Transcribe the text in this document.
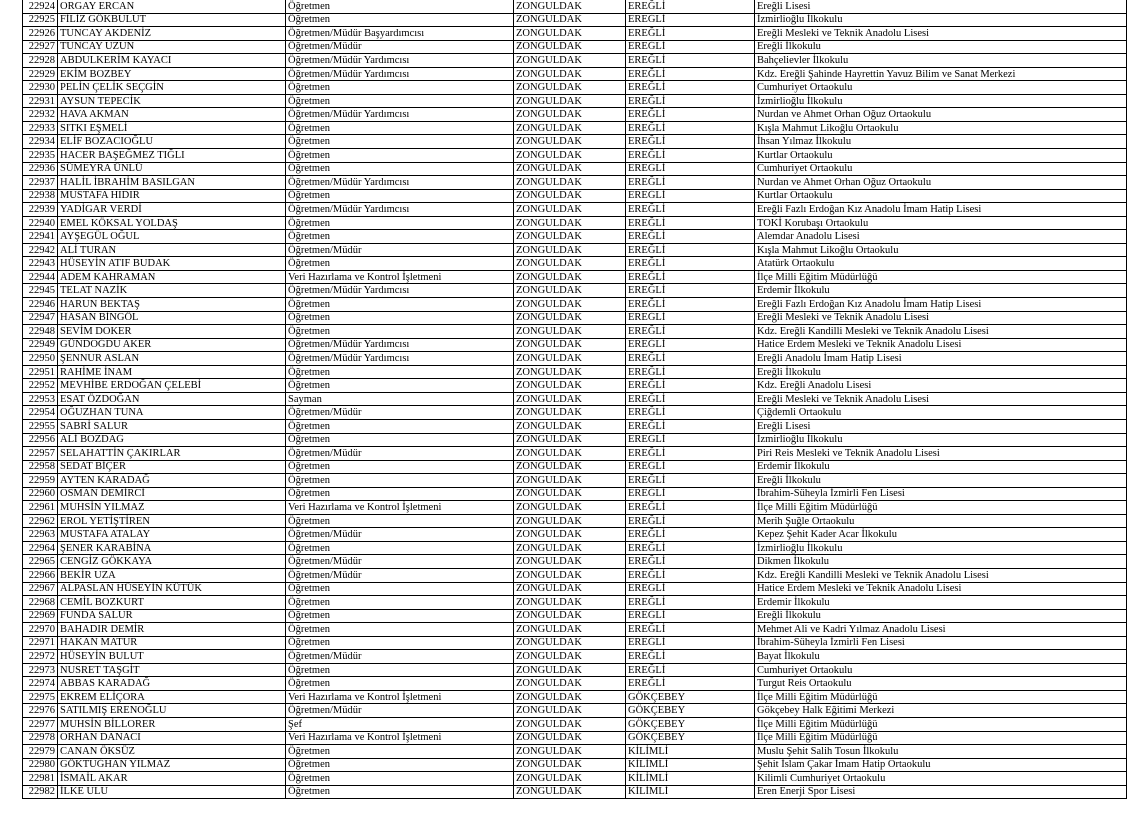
22924	ORGAY ERCAN	Öğretmen	ZONGULDAK	EREĞLİ	Ereğli Lisesi
22925	FİLİZ GÖKBULUT	Öğretmen	ZONGULDAK	EREĞLİ	İzmirlioğlu İlkokulu
22926	TUNCAY AKDENİZ	Öğretmen/Müdür Başyardımcısı	ZONGULDAK	EREĞLİ	Ereğli Mesleki ve Teknik Anadolu Lisesi
22927	TUNCAY UZUN	Öğretmen/Müdür	ZONGULDAK	EREĞLİ	Ereğli İlkokulu
22928	ABDULKERİM KAYACI	Öğretmen/Müdür Yardımcısı	ZONGULDAK	EREĞLİ	Bahçelievler İlkokulu
22929	EKİM BOZBEY	Öğretmen/Müdür Yardımcısı	ZONGULDAK	EREĞLİ	Kdz. Ereğli Şahinde Hayrettin Yavuz Bilim ve Sanat Merkezi
22930	PELİN ÇELİK SEÇGİN	Öğretmen	ZONGULDAK	EREĞLİ	Cumhuriyet Ortaokulu
22931	AYSUN TEPECİK	Öğretmen	ZONGULDAK	EREĞLİ	İzmirlioğlu İlkokulu
22932	HAVA AKMAN	Öğretmen/Müdür Yardımcısı	ZONGULDAK	EREĞLİ	Nurdan ve Ahmet Orhan Oğuz Ortaokulu
22933	SITKI EŞMELİ	Öğretmen	ZONGULDAK	EREĞLİ	Kışla Mahmut Likoğlu Ortaokulu
22934	ELİF BOZACIOĞLU	Öğretmen	ZONGULDAK	EREĞLİ	İhsan Yılmaz İlkokulu
22935	HACER BAŞEĞMEZ TIĞLI	Öğretmen	ZONGULDAK	EREĞLİ	Kurtlar Ortaokulu
22936	SÜMEYRA ÜNLÜ	Öğretmen	ZONGULDAK	EREĞLİ	Cumhuriyet Ortaokulu
22937	HALİL İBRAHİM BASILGAN	Öğretmen/Müdür Yardımcısı	ZONGULDAK	EREĞLİ	Nurdan ve Ahmet Orhan Oğuz Ortaokulu
22938	MUSTAFA HIDIR	Öğretmen	ZONGULDAK	EREĞLİ	Kurtlar Ortaokulu
22939	YADİGAR VERDİ	Öğretmen/Müdür Yardımcısı	ZONGULDAK	EREĞLİ	Ereğli Fazlı Erdoğan Kız Anadolu İmam Hatip Lisesi
22940	EMEL KÖKSAL YOLDAŞ	Öğretmen	ZONGULDAK	EREĞLİ	TOKİ Korubaşı Ortaokulu
22941	AYŞEGÜL OĞUL	Öğretmen	ZONGULDAK	EREĞLİ	Alemdar Anadolu Lisesi
22942	ALİ TURAN	Öğretmen/Müdür	ZONGULDAK	EREĞLİ	Kışla Mahmut Likoğlu Ortaokulu
22943	HÜSEYİN ATIF BUDAK	Öğretmen	ZONGULDAK	EREĞLİ	Atatürk Ortaokulu
22944	ADEM KAHRAMAN	Veri Hazırlama ve Kontrol İşletmeni	ZONGULDAK	EREĞLİ	İlçe Milli Eğitim Müdürlüğü
22945	TELAT NAZİK	Öğretmen/Müdür Yardımcısı	ZONGULDAK	EREĞLİ	Erdemir İlkokulu
22946	HARUN BEKTAŞ	Öğretmen	ZONGULDAK	EREĞLİ	Ereğli Fazlı Erdoğan Kız Anadolu İmam Hatip Lisesi
22947	HASAN BİNGÖL	Öğretmen	ZONGULDAK	EREĞLİ	Ereğli Mesleki ve Teknik Anadolu Lisesi
22948	SEVİM DOKER	Öğretmen	ZONGULDAK	EREĞLİ	Kdz. Ereğli Kandilli Mesleki ve Teknik Anadolu Lisesi
22949	GÜNDOĞDU AKER	Öğretmen/Müdür Yardımcısı	ZONGULDAK	EREĞLİ	Hatice Erdem Mesleki ve Teknik Anadolu Lisesi
22950	ŞENNUR ASLAN	Öğretmen/Müdür Yardımcısı	ZONGULDAK	EREĞLİ	Ereğli Anadolu İmam Hatip Lisesi
22951	RAHİME İNAM	Öğretmen	ZONGULDAK	EREĞLİ	Ereğli İlkokulu
22952	MEVHİBE ERDOĞAN ÇELEBİ	Öğretmen	ZONGULDAK	EREĞLİ	Kdz. Ereğli Anadolu Lisesi
22953	ESAT ÖZDOĞAN	Sayman	ZONGULDAK	EREĞLİ	Ereğli Mesleki ve Teknik Anadolu Lisesi
22954	OĞUZHAN TUNA	Öğretmen/Müdür	ZONGULDAK	EREĞLİ	Çiğdemli Ortaokulu
22955	SABRİ SALUR	Öğretmen	ZONGULDAK	EREĞLİ	Ereğli Lisesi
22956	ALİ BOZDAĞ	Öğretmen	ZONGULDAK	EREĞLİ	İzmirlioğlu İlkokulu
22957	SELAHATTİN ÇAKIRLAR	Öğretmen/Müdür	ZONGULDAK	EREĞLİ	Piri Reis Mesleki ve Teknik Anadolu Lisesi
22958	SEDAT BİÇER	Öğretmen	ZONGULDAK	EREĞLİ	Erdemir İlkokulu
22959	AYTEN KARADAĞ	Öğretmen	ZONGULDAK	EREĞLİ	Ereğli İlkokulu
22960	OSMAN DEMİRCİ	Öğretmen	ZONGULDAK	EREĞLİ	İbrahim-Süheyla İzmirli Fen Lisesi
22961	MUHSİN YILMAZ	Veri Hazırlama ve Kontrol İşletmeni	ZONGULDAK	EREĞLİ	İlçe Milli Eğitim Müdürlüğü
22962	EROL YETİŞTİREN	Öğretmen	ZONGULDAK	EREĞLİ	Merih Şuğle Ortaokulu
22963	MUSTAFA ATALAY	Öğretmen/Müdür	ZONGULDAK	EREĞLİ	Kepez Şehit Kader Acar İlkokulu
22964	ŞENER KARABİNA	Öğretmen	ZONGULDAK	EREĞLİ	İzmirlioğlu İlkokulu
22965	CENGİZ GÖKKAYA	Öğretmen/Müdür	ZONGULDAK	EREĞLİ	Dikmen İlkokulu
22966	BEKİR UZA	Öğretmen/Müdür	ZONGULDAK	EREĞLİ	Kdz. Ereğli Kandilli Mesleki ve Teknik Anadolu Lisesi
22967	ALPASLAN HÜSEYİN KÜTÜK	Öğretmen	ZONGULDAK	EREĞLİ	Hatice Erdem Mesleki ve Teknik Anadolu Lisesi
22968	CEMİL BOZKURT	Öğretmen	ZONGULDAK	EREĞLİ	Erdemir İlkokulu
22969	FUNDA SALUR	Öğretmen	ZONGULDAK	EREĞLİ	Ereğli İlkokulu
22970	BAHADIR DEMİR	Öğretmen	ZONGULDAK	EREĞLİ	Mehmet Ali ve Kadri Yılmaz Anadolu Lisesi
22971	HAKAN MATUR	Öğretmen	ZONGULDAK	EREĞLİ	İbrahim-Süheyla İzmirli Fen Lisesi
22972	HÜSEYİN BULUT	Öğretmen/Müdür	ZONGULDAK	EREĞLİ	Bayat İlkokulu
22973	NUSRET TAŞGİT	Öğretmen	ZONGULDAK	EREĞLİ	Cumhuriyet Ortaokulu
22974	ABBAS KARADAĞ	Öğretmen	ZONGULDAK	EREĞLİ	Turgut Reis Ortaokulu
22975	EKREM ELİÇORA	Veri Hazırlama ve Kontrol İşletmeni	ZONGULDAK	GÖKÇEBEY	İlçe Milli Eğitim Müdürlüğü
22976	SATILMIŞ ERENOĞLU	Öğretmen/Müdür	ZONGULDAK	GÖKÇEBEY	Gökçebey Halk Eğitimi Merkezi
22977	MUHSİN BİLLORER	Şef	ZONGULDAK	GÖKÇEBEY	İlçe Milli Eğitim Müdürlüğü
22978	ORHAN DANACI	Veri Hazırlama ve Kontrol İşletmeni	ZONGULDAK	GÖKÇEBEY	İlçe Milli Eğitim Müdürlüğü
22979	CANAN ÖKSÜZ	Öğretmen	ZONGULDAK	KİLİMLİ	Muslu Şehit Salih Tosun İlkokulu
22980	GÖKTUĞHAN YILMAZ	Öğretmen	ZONGULDAK	KİLİMLİ	Şehit İslam Çakar İmam Hatip Ortaokulu
22981	İSMAİL AKAR	Öğretmen	ZONGULDAK	KİLİMLİ	Kilimli Cumhuriyet Ortaokulu
22982	İLKE ULU	Öğretmen	ZONGULDAK	KİLİMLİ	Eren Enerji Spor Lisesi
